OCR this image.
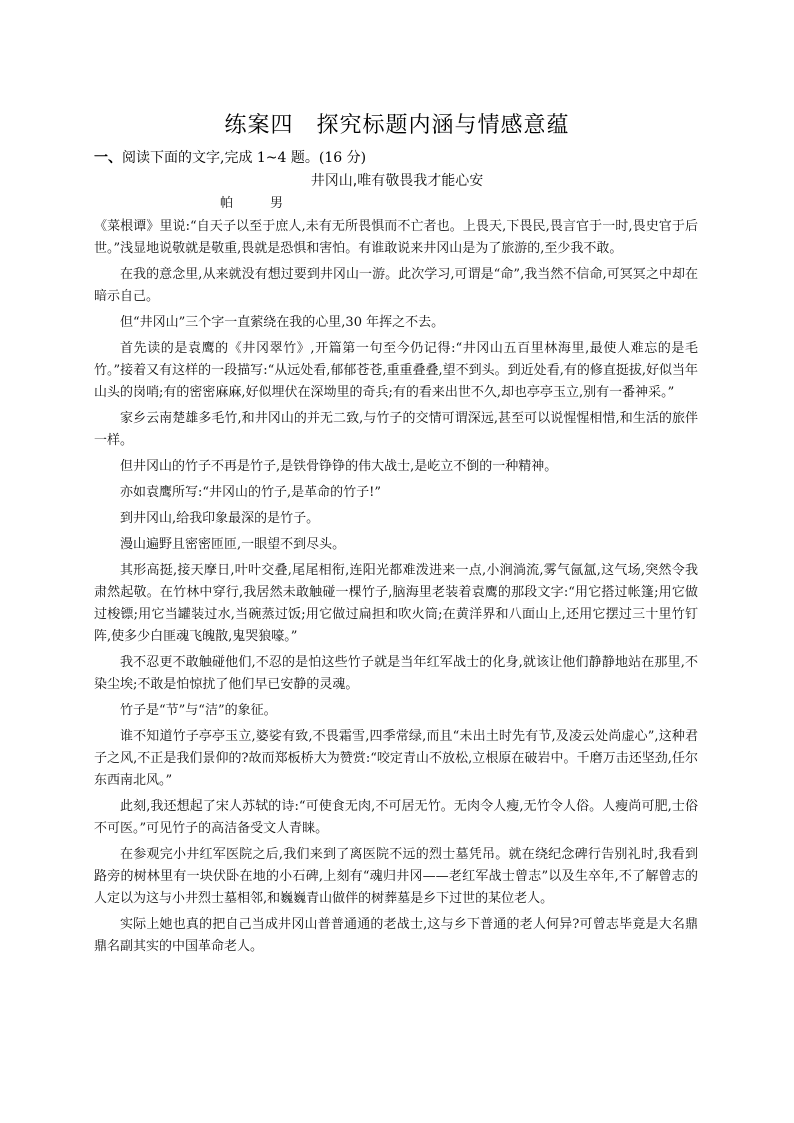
练案四　探究标题内涵与情感意蕴
一、阅读下面的文字,完成 1~4 题。(16 分)
井冈山,唯有敬畏我才能心安
帕　男

《菜根谭》里说:“自天子以至于庶人,未有无所畏惧而不亡者也。上畏天,下畏民,畏言官于一时,畏史官于后世。”浅显地说敬就是敬重,畏就是恐惧和害怕。有谁敢说来井冈山是为了旅游的,至少我不敢。

在我的意念里,从来就没有想过要到井冈山一游。此次学习,可谓是“命”,我当然不信命,可冥冥之中却在暗示自己。

但“井冈山”三个字一直萦绕在我的心里,30 年挥之不去。

首先读的是袁鹰的《井冈翠竹》,开篇第一句至今仍记得:“井冈山五百里林海里,最使人难忘的是毛竹。”接着又有这样的一段描写:“从远处看,郁郁苍苍,重重叠叠,望不到头。到近处看,有的修直挺拔,好似当年山头的岗哨;有的密密麻麻,好似埋伏在深坳里的奇兵;有的看来出世不久,却也亭亭玉立,别有一番神采。”

家乡云南楚雄多毛竹,和井冈山的并无二致,与竹子的交情可谓深远,甚至可以说惺惺相惜,和生活的旅伴一样。

但井冈山的竹子不再是竹子,是铁骨铮铮的伟大战士,是屹立不倒的一种精神。

亦如袁鹰所写:“井冈山的竹子,是革命的竹子!”

到井冈山,给我印象最深的是竹子。

漫山遍野且密密匝匝,一眼望不到尽头。

其形高挺,接天摩日,叶叶交叠,尾尾相衔,连阳光都难泼进来一点,小涧淌流,雾气氤氲,这气场,突然令我肃然起敬。在竹林中穿行,我居然未敢触碰一棵竹子,脑海里老装着袁鹰的那段文字:“用它搭过帐篷;用它做过梭镖;用它当罐装过水,当碗蒸过饭;用它做过扁担和吹火筒;在黄洋界和八面山上,还用它摆过三十里竹钉阵,使多少白匪魂飞魄散,鬼哭狼嚎。”

我不忍更不敢触碰他们,不忍的是怕这些竹子就是当年红军战士的化身,就该让他们静静地站在那里,不染尘埃;不敢是怕惊扰了他们早已安静的灵魂。

竹子是“节”与“洁”的象征。

谁不知道竹子亭亭玉立,婆娑有致,不畏霜雪,四季常绿,而且“未出土时先有节,及凌云处尚虚心”,这种君子之风,不正是我们景仰的?故而郑板桥大为赞赏:“咬定青山不放松,立根原在破岩中。千磨万击还坚劲,任尔东西南北风。”

此刻,我还想起了宋人苏轼的诗:“可使食无肉,不可居无竹。无肉令人瘦,无竹令人俗。人瘦尚可肥,士俗不可医。”可见竹子的高洁备受文人青睐。

在参观完小井红军医院之后,我们来到了离医院不远的烈士墓凭吊。就在绕纪念碑行告别礼时,我看到路旁的树林里有一块伏卧在地的小石碑,上刻有“魂归井冈——老红军战士曾志”以及生卒年,不了解曾志的人定以为这与小井烈士墓相邻,和巍巍青山做伴的树葬墓是乡下过世的某位老人。

实际上她也真的把自己当成井冈山普普通通的老战士,这与乡下普通的老人何异?可曾志毕竟是大名鼎鼎名副其实的中国革命老人。
